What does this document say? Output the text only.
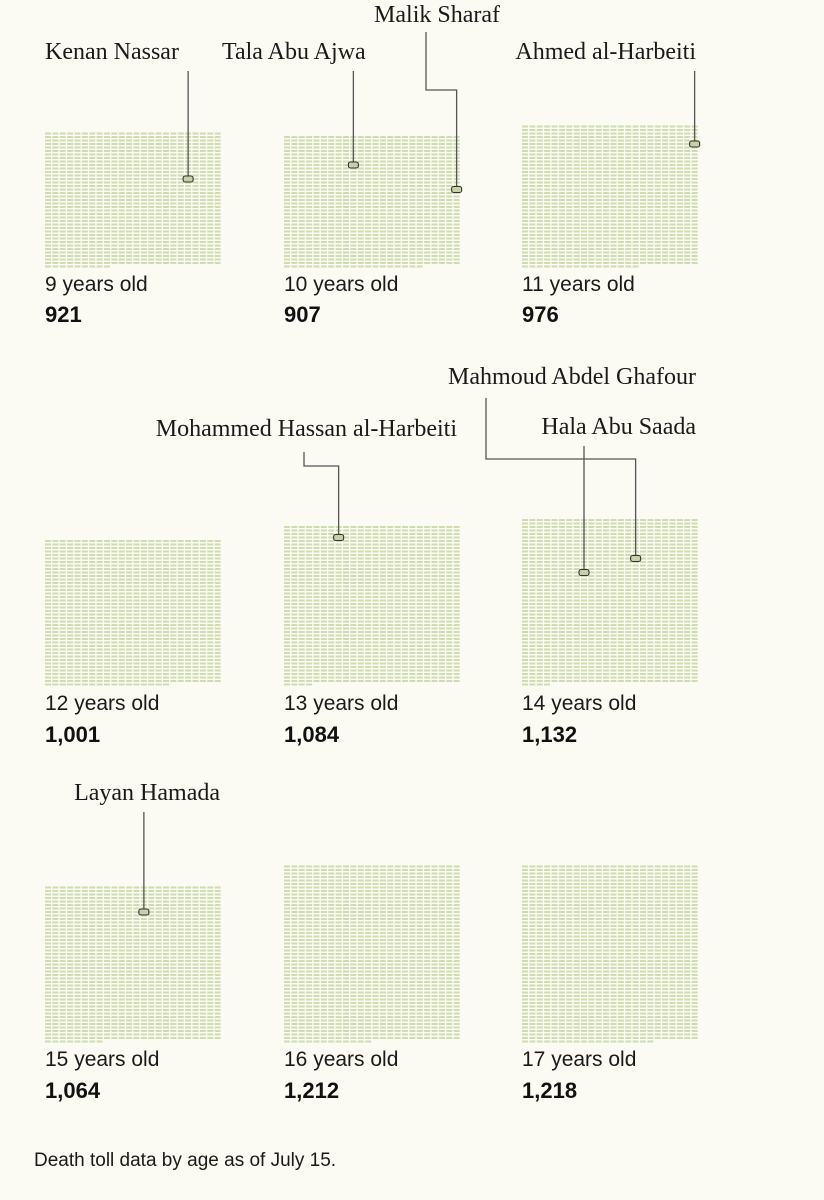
9 years old
921
Kenan Nassar
10 years old
907
Tala Abu Ajwa
Malik Sharaf
11 years old
976
Ahmed al-Harbeiti
12 years old
1,001
13 years old
1,084
Mohammed Hassan al-Harbeiti
14 years old
1,132
Mahmoud Abdel Ghafour
Hala Abu Saada
15 years old
1,064
Layan Hamada
16 years old
1,212
17 years old
1,218
Death toll data by age as of July 15.
